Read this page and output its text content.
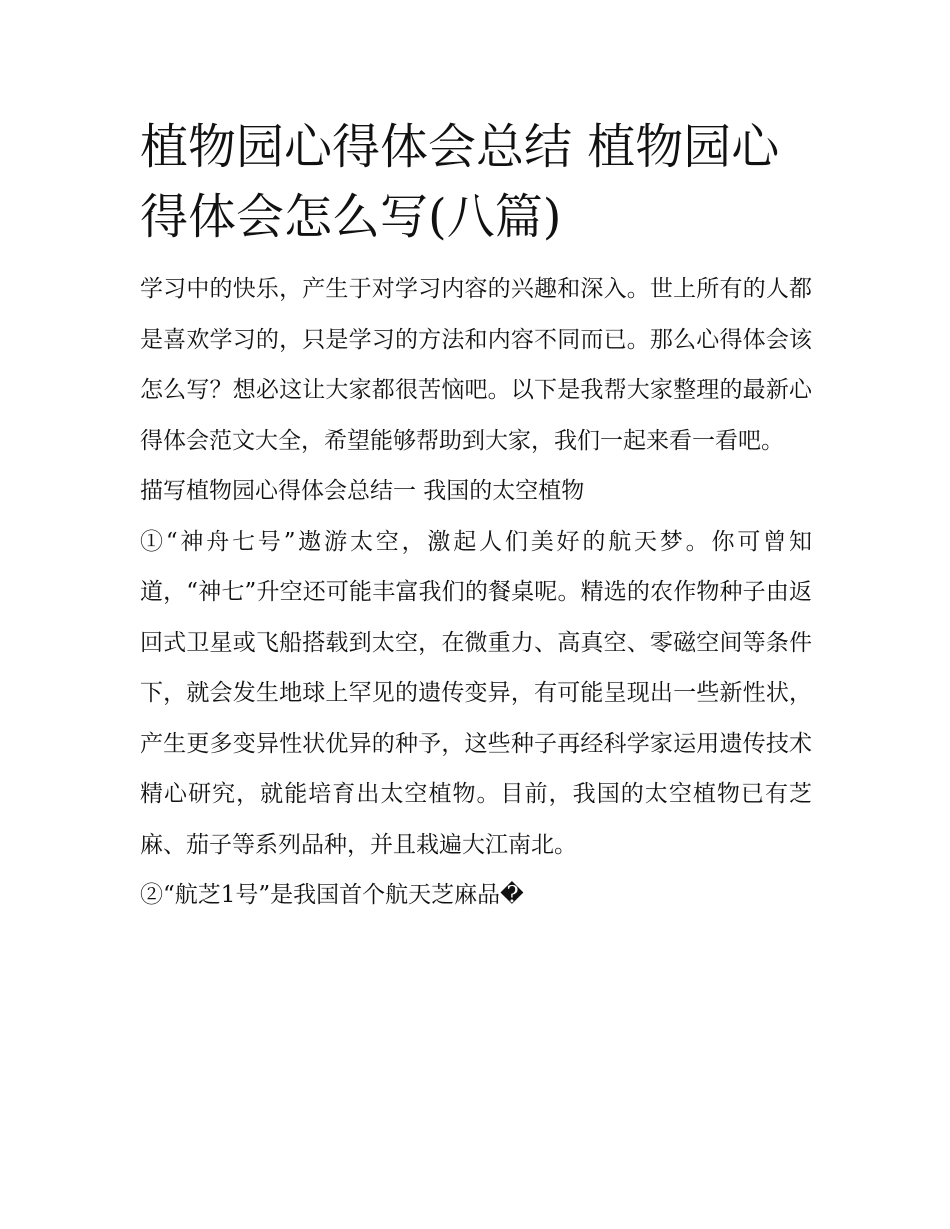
植物园心得体会总结 植物园心得体会怎么写(八篇)

学习中的快乐，产生于对学习内容的兴趣和深入。世上所有的人都是喜欢学习的，只是学习的方法和内容不同而已。那么心得体会该怎么写？想必这让大家都很苦恼吧。以下是我帮大家整理的最新心得体会范文大全，希望能够帮助到大家，我们一起来看一看吧。

描写植物园心得体会总结一 我国的太空植物

①“神舟七号”遨游太空，激起人们美好的航天梦。你可曾知道，“神七”升空还可能丰富我们的餐桌呢。精选的农作物种子由返回式卫星或飞船搭载到太空，在微重力、高真空、零磁空间等条件下，就会发生地球上罕见的遗传变异，有可能呈现出一些新性状，产生更多变异性状优异的种予，这些种子再经科学家运用遗传技术精心研究，就能培育出太空植物。目前，我国的太空植物已有芝麻、茄子等系列品种，并且栽遍大江南北。

②“航芝1号”是我国首个航天芝麻品�
